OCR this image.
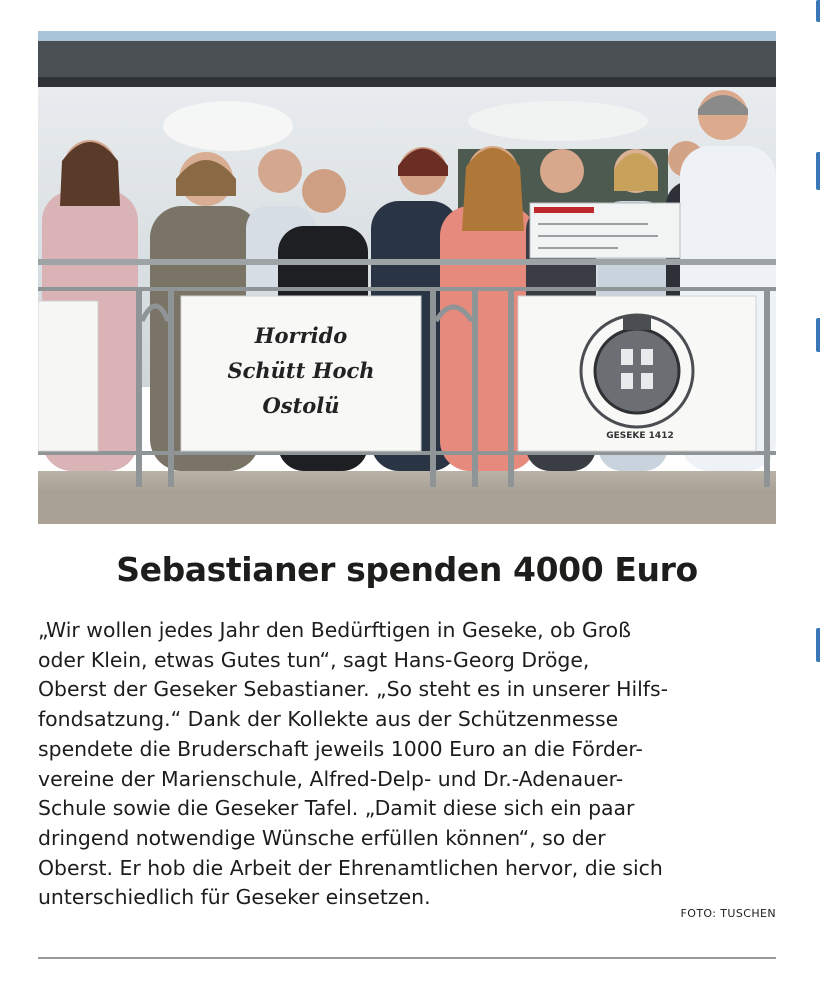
Horrido
Schütt Hoch
Ostolü
GESEKE 1412
Sebastianer spenden 4000 Euro

„Wir wollen jedes Jahr den Bedürftigen in Geseke, ob Groß
oder Klein, etwas Gutes tun“, sagt Hans-Georg Dröge,
Oberst der Geseker Sebastianer. „So steht es in unserer Hilfs-
fondsatzung.“ Dank der Kollekte aus der Schützenmesse
spendete die Bruderschaft jeweils 1000 Euro an die Förder-
vereine der Marienschule, Alfred-Delp- und Dr.-Adenauer-
Schule sowie die Geseker Tafel. „Damit diese sich ein paar
dringend notwendige Wünsche erfüllen können“, so der
Oberst. Er hob die Arbeit der Ehrenamtlichen hervor, die sich
unterschiedlich für Geseker einsetzen.

FOTO: TUSCHEN
